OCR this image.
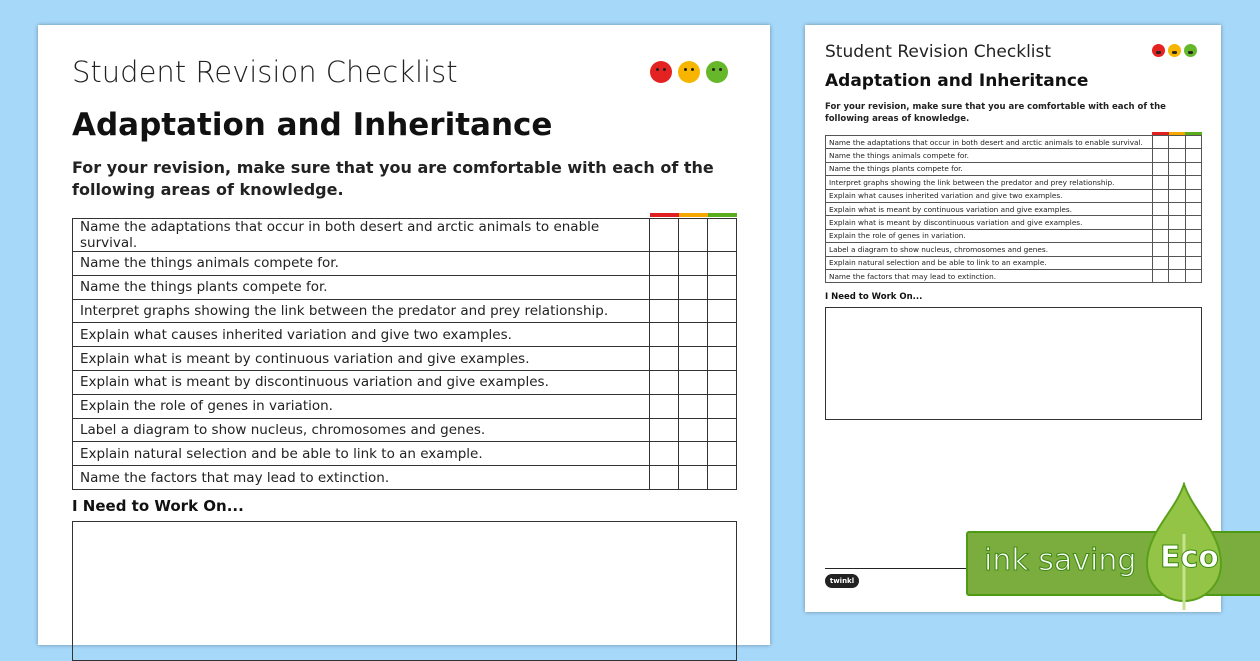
Student Revision Checklist
Adaptation and Inheritance
For your revision, make sure that you are comfortable with each of the following areas of knowledge.
Name the adaptations that occur in both desert and arctic animals to enable survival.			
Name the things animals compete for.			
Name the things plants compete for.			
Interpret graphs showing the link between the predator and prey relationship.			
Explain what causes inherited variation and give two examples.			
Explain what is meant by continuous variation and give examples.			
Explain what is meant by discontinuous variation and give examples.			
Explain the role of genes in variation.			
Label a diagram to show nucleus, chromosomes and genes.			
Explain natural selection and be able to link to an example.			
Name the factors that may lead to extinction.			
I Need to Work On...
Student Revision Checklist
Adaptation and Inheritance
For your revision, make sure that you are comfortable with each of the following areas of knowledge.
Name the adaptations that occur in both desert and arctic animals to enable survival.			
Name the things animals compete for.			
Name the things plants compete for.			
Interpret graphs showing the link between the predator and prey relationship.			
Explain what causes inherited variation and give two examples.			
Explain what is meant by continuous variation and give examples.			
Explain what is meant by discontinuous variation and give examples.			
Explain the role of genes in variation.			
Label a diagram to show nucleus, chromosomes and genes.			
Explain natural selection and be able to link to an example.			
Name the factors that may lead to extinction.			
I Need to Work On...
twinkl
ink saving Eco
